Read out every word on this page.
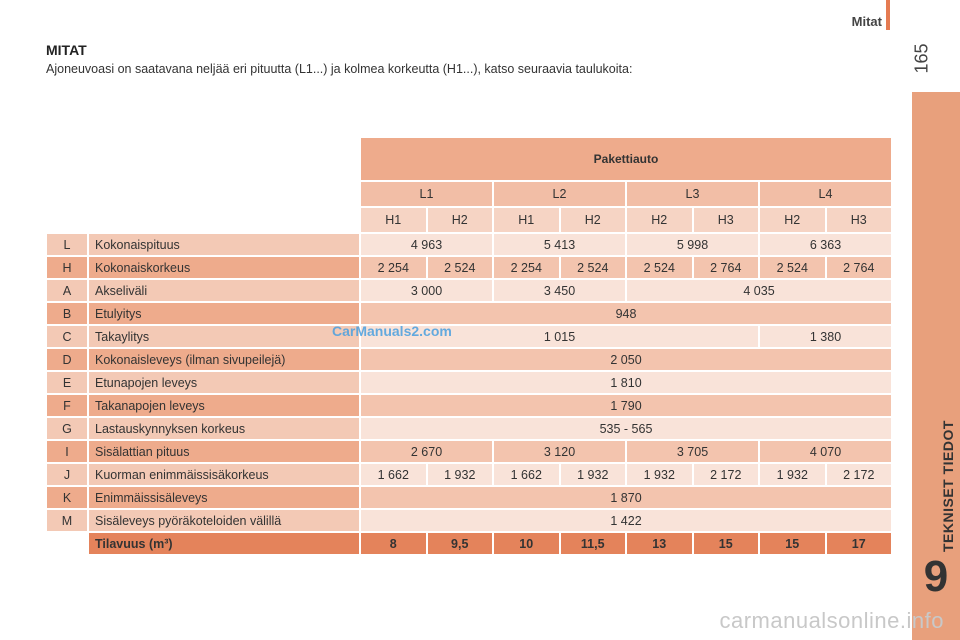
Mitat
165
TEKNISET TIEDOT
9
MITAT
Ajoneuvoasi on saatavana neljää eri pituutta (L1...) ja kolmea korkeutta (H1...), katso seuraavia taulukoita:
		Pakettiauto							
		L1		L2		L3		L4	
		H1	H2	H1	H2	H2	H3	H2	H3
L	Kokonaispituus	4 963		5 413		5 998		6 363	
H	Kokonaiskorkeus	2 254	2 524	2 254	2 524	2 524	2 764	2 524	2 764
A	Akseliväli	3 000		3 450		4 035			
B	Etulyitys	948							
C	Takaylitys	1 015						1 380	
D	Kokonaisleveys (ilman sivupeilejä)	2 050							
E	Etunapojen leveys	1 810							
F	Takanapojen leveys	1 790							
G	Lastauskynnyksen korkeus	535 - 565							
I	Sisälattian pituus	2 670		3 120		3 705		4 070	
J	Kuorman enimmäissisäkorkeus	1 662	1 932	1 662	1 932	1 932	2 172	1 932	2 172
K	Enimmäissisäleveys	1 870							
M	Sisäleveys pyöräkoteloiden välillä	1 422							
	Tilavuus (m³)	8	9,5	10	11,5	13	15	15	17
CarManuals2.com
carmanualsonline.info
